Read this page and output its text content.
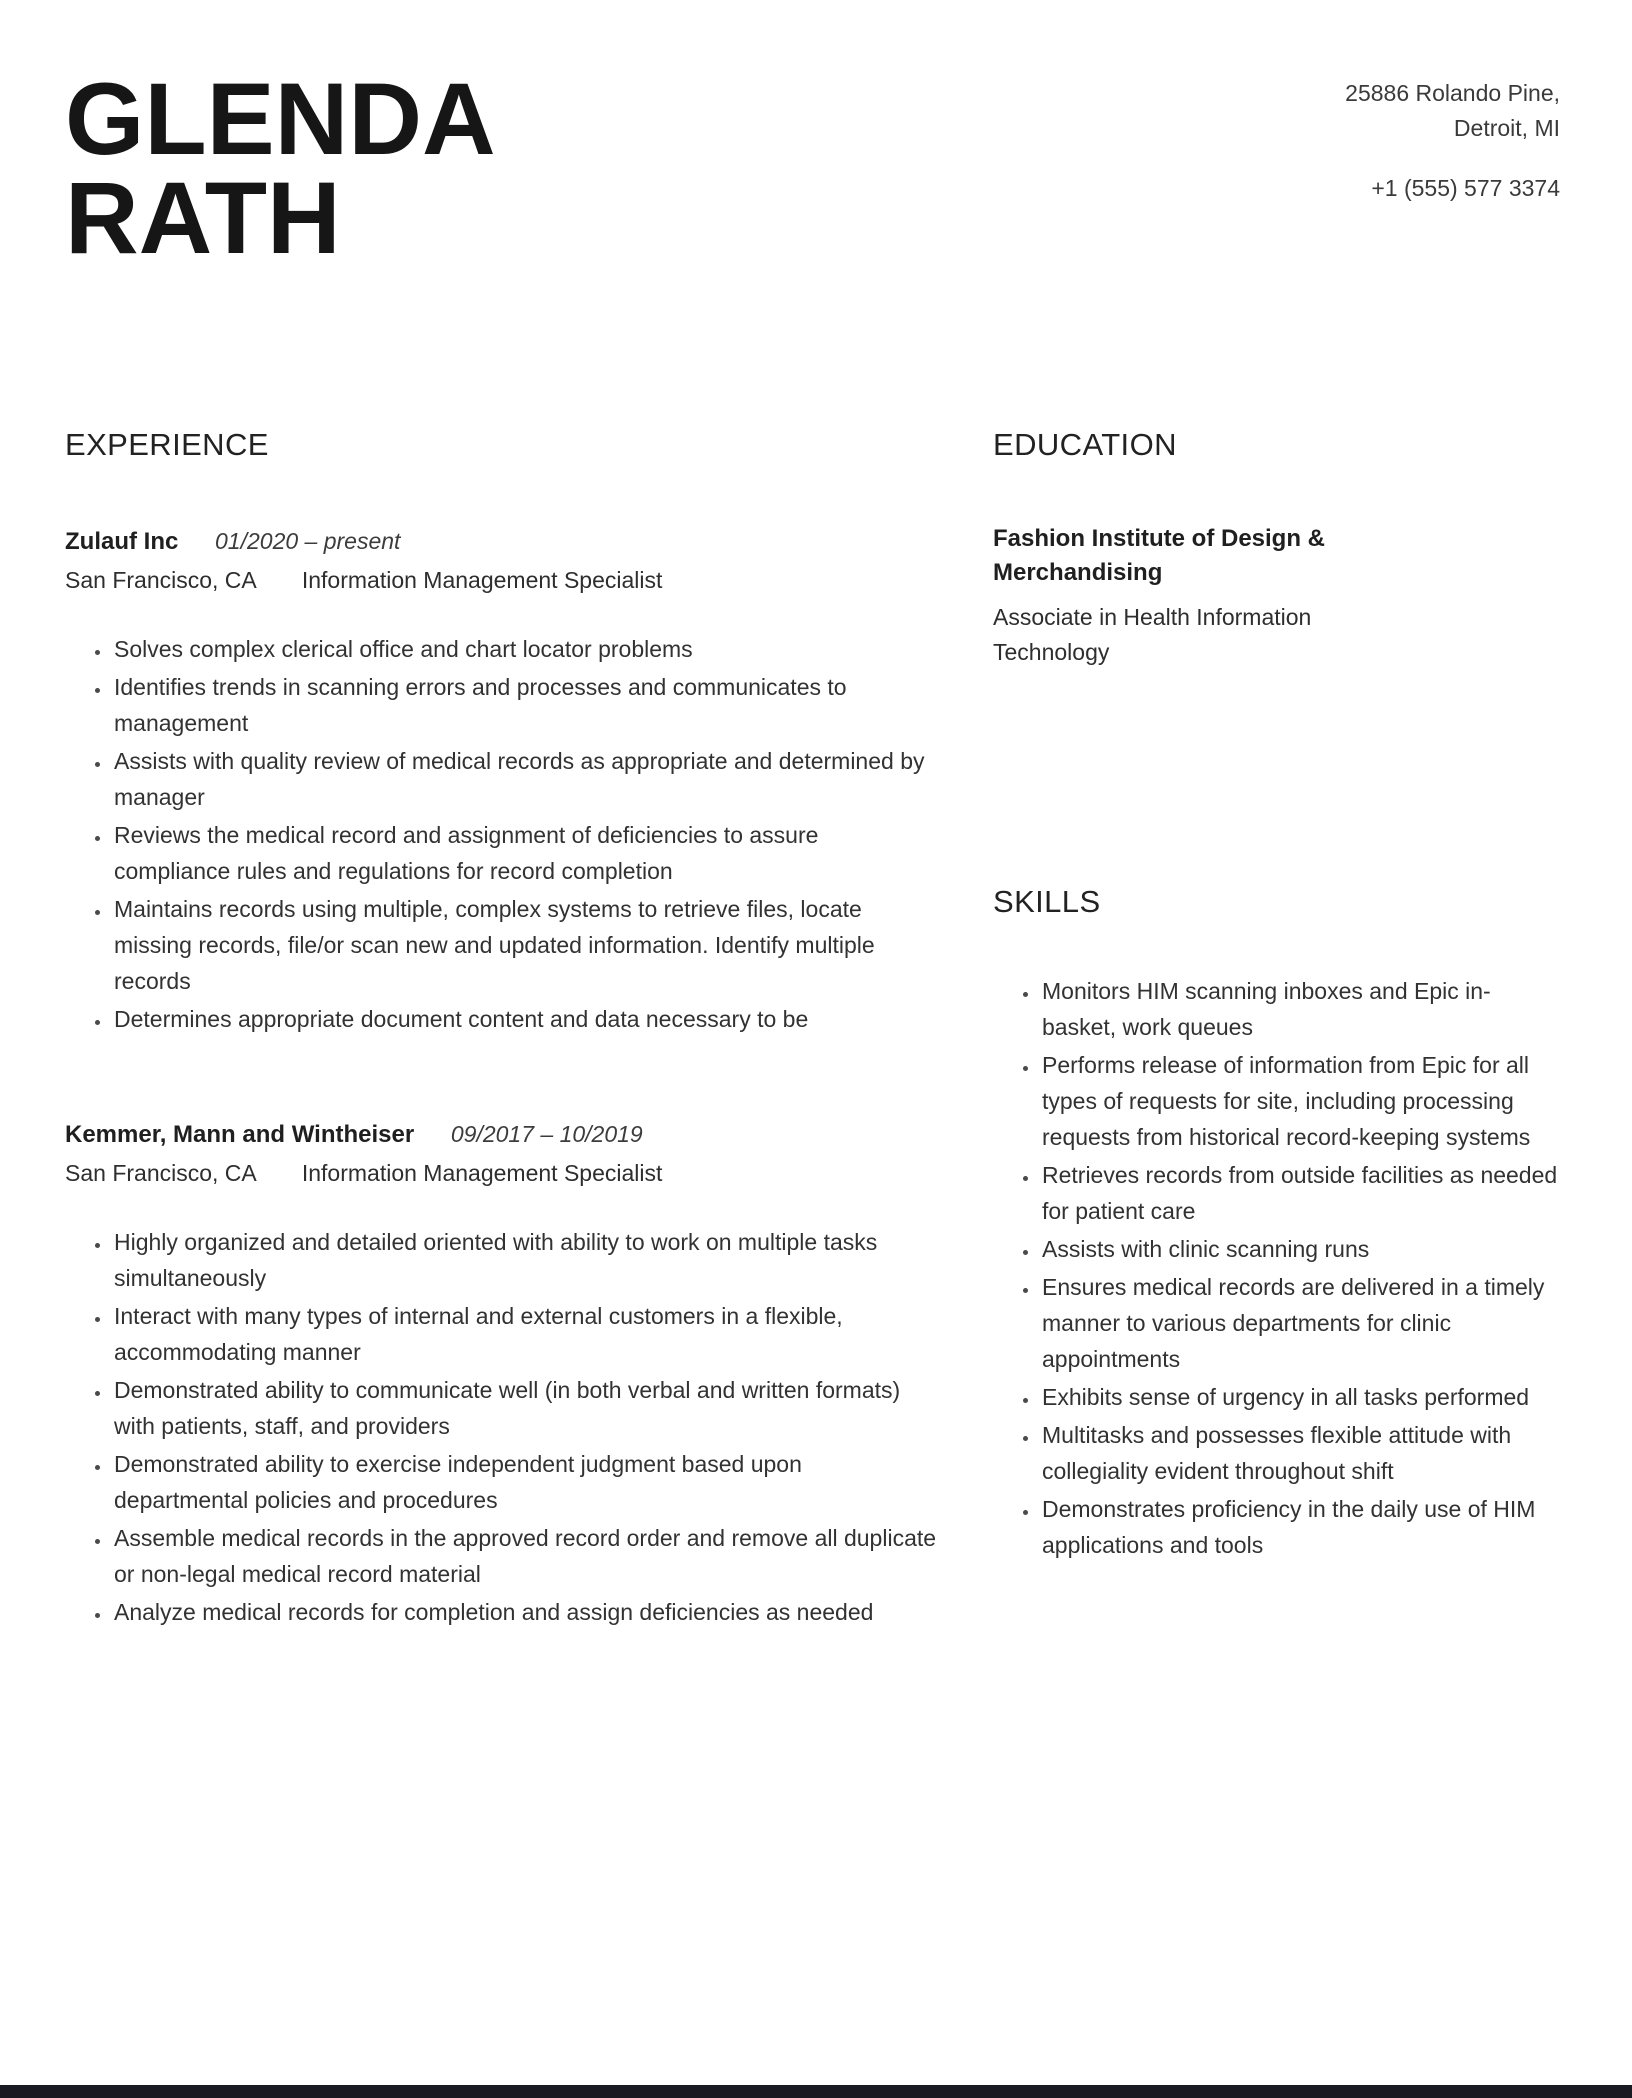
GLENDA
RATH
25886 Rolando Pine,
Detroit, MI
+1 (555) 577 3374
EXPERIENCE
Zulauf Inc 01/2020 – present
San Francisco, CA Information Management Specialist
• Solves complex clerical office and chart locator problems
• Identifies trends in scanning errors and processes and communicates to management
• Assists with quality review of medical records as appropriate and determined by manager
• Reviews the medical record and assignment of deficiencies to assure compliance rules and regulations for record completion
• Maintains records using multiple, complex systems to retrieve files, locate missing records, file/or scan new and updated information. Identify multiple records
• Determines appropriate document content and data necessary to be
Kemmer, Mann and Wintheiser 09/2017 – 10/2019
San Francisco, CA Information Management Specialist
• Highly organized and detailed oriented with ability to work on multiple tasks simultaneously
• Interact with many types of internal and external customers in a flexible, accommodating manner
• Demonstrated ability to communicate well (in both verbal and written formats) with patients, staff, and providers
• Demonstrated ability to exercise independent judgment based upon departmental policies and procedures
• Assemble medical records in the approved record order and remove all duplicate or non-legal medical record material
• Analyze medical records for completion and assign deficiencies as needed
EDUCATION
Fashion Institute of Design & Merchandising
Associate in Health Information Technology
SKILLS
• Monitors HIM scanning inboxes and Epic in-basket, work queues
• Performs release of information from Epic for all types of requests for site, including processing requests from historical record-keeping systems
• Retrieves records from outside facilities as needed for patient care
• Assists with clinic scanning runs
• Ensures medical records are delivered in a timely manner to various departments for clinic appointments
• Exhibits sense of urgency in all tasks performed
• Multitasks and possesses flexible attitude with collegiality evident throughout shift
• Demonstrates proficiency in the daily use of HIM applications and tools
